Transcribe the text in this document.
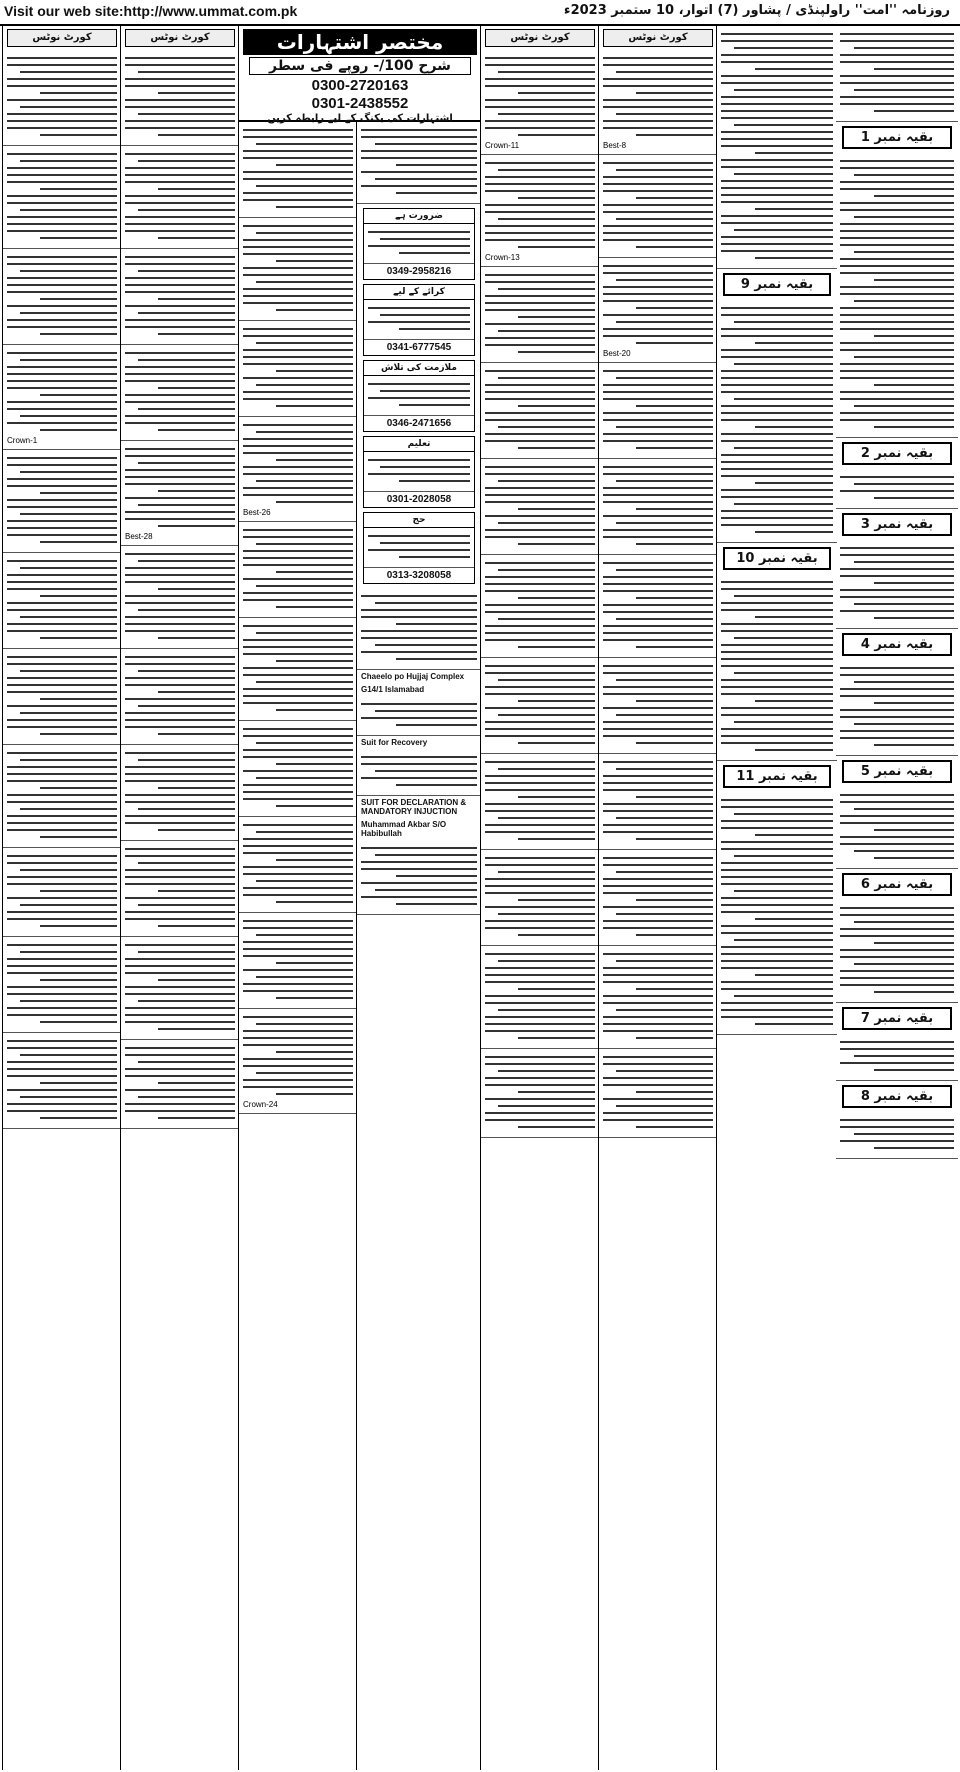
Visit our web site:http://www.ummat.com.pk	روزنامہ ''امت'' راولپنڈی / پشاور (7) اتوار، 10 ستمبر 2023ء
کورٹ نوٹس
Crown-1
کورٹ نوٹس
Best-28
Best-26
Crown-24
ضرورت ہے
0349-2958216
کرائے کے لیے
0341-6777545
ملازمت کی تلاش
0346-2471656
تعلیم
0301-2028058
حج
0313-3208058
Chaeelo po Hujjaj Complex
G14/1 Islamabad
Suit for Recovery
SUIT FOR DECLARATION & MANDATORY INJUCTION
Muhammad Akbar S/O Habibullah
مختصر اشتہارات
شرح 100/- روپے فی سطر
0300-2720163
0301-2438552
اشتہارات کی بکنگ کے لیے رابطہ کریں
کورٹ نوٹس
Crown-11
Crown-13
کورٹ نوٹس
Best-8
Best-20
بقیہ نمبر 9
بقیہ نمبر 10
بقیہ نمبر 11
بقیہ نمبر 1
بقیہ نمبر 2
بقیہ نمبر 3
بقیہ نمبر 4
بقیہ نمبر 5
بقیہ نمبر 6
بقیہ نمبر 7
بقیہ نمبر 8
